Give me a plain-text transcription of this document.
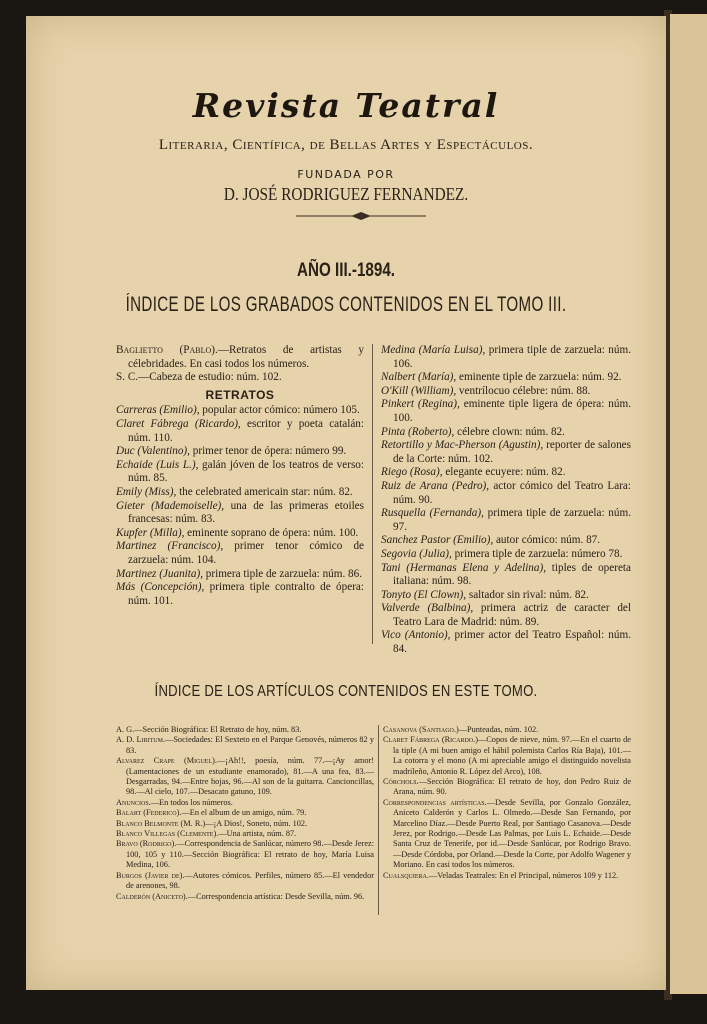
Revista Teatral
Literaria, Científica, de Bellas Artes y Espectáculos.
FUNDADA POR
D. JOSÉ RODRIGUEZ FERNANDEZ.
AÑO III.-1894.
ÍNDICE DE LOS GRABADOS CONTENIDOS EN EL TOMO III.

Baglietto (Pablo).—Retratos de artistas y célebridades. En casi todos los números.

S. C.—Cabeza de estudio: núm. 102.

RETRATOS

Carreras (Emilio), popular actor cómico: número 105.

Claret Fábrega (Ricardo), escritor y poeta catalán: núm. 110.

Duc (Valentino), primer tenor de ópera: número 99.

Echaide (Luis L.), galán jóven de los teatros de verso: núm. 85.

Emily (Miss), the celebrated americain star: núm. 82.

Gieter (Mademoiselle), una de las primeras etoiles francesas: núm. 83.

Kupfer (Milla), eminente soprano de ópera: núm. 100.

Martinez (Francisco), primer tenor cómico de zarzuela: núm. 104.

Martinez (Juanita), primera tiple de zarzuela: núm. 86.

Más (Concepción), primera tiple contralto de ópera: núm. 101.

Medina (María Luisa), primera tiple de zarzuela: núm. 106.

Nalbert (María), eminente tiple de zarzuela: núm. 92.

O'Kill (William), ventrílocuo célebre: núm. 88.

Pinkert (Regina), eminente tiple ligera de ópera: núm. 100.

Pinta (Roberto), célebre clown: núm. 82.

Retortillo y Mac-Pherson (Agustin), reporter de salones de la Corte: núm. 102.

Riego (Rosa), elegante ecuyere: núm. 82.

Ruiz de Arana (Pedro), actor cómico del Teatro Lara: núm. 90.

Rusquella (Fernanda), primera tiple de zarzuela: núm. 97.

Sanchez Pastor (Emilio), autor cómico: núm. 87.

Segovia (Julia), primera tiple de zarzuela: número 78.

Tani (Hermanas Elena y Adelina), tiples de opereta italiana: núm. 98.

Tonyto (El Clown), saltador sin rival: núm. 82.

Valverde (Balbina), primera actriz de caracter del Teatro Lara de Madrid: núm. 89.

Vico (Antonio), primer actor del Teatro Español: núm. 84.

ÍNDICE DE LOS ARTÍCULOS CONTENIDOS EN ESTE TOMO.

A. G.—Sección Biográfica: El Retrato de hoy, núm. 83.

A. D. Liritum.—Sociedades: El Sexteto en el Parque Genovés, números 82 y 83.

Alvarez Crape (Miguel).—¡Ah!!, poesía, núm. 77.—¡Ay amor! (Lamentaciones de un estudiante enamorado), 81.—A una fea, 83.—Desgarradas, 94.—Entre hojas, 96.—Al son de la guitarra. Cancioncillas, 98.—Al cielo, 107.—Desacato gatuno, 109.

Anuncios.—En todos los números.

Balart (Federico).—En el album de un amigo, núm. 79.

Blanco Belmonte (M. R.)—¡A Dios!, Soneto, núm. 102.

Blanco Villegas (Clemente).—Una artista, núm. 87.

Bravo (Rodrigo).—Correspondencia de Sanlúcar, número 98.—Desde Jerez: 100, 105 y 110.—Sección Biográfica: El retrato de hoy, María Luisa Medina, 106.

Burgos (Javier de).—Autores cómicos. Perfiles, número 85.—El vendedor de arenones, 98.

Calderón (Aniceto).—Correspondencia artística: Desde Sevilla, núm. 96.

Casanova (Santiago.)—Punteadas, núm. 102.

Claret Fábrega (Ricardo.)—Copos de nieve, núm. 97.—En el cuarto de la tiple (A mi buen amigo el hábil polemista Carlos Ría Baja), 101.—La cotorra y el mono (A mi apreciable amigo el distinguido novelista madrileño, Antonio R. López del Arco), 108.

Córchols.—Sección Biográfica: El retrato de hoy, don Pedro Ruiz de Arana, núm. 90.

Correspondencias artísticas.—Desde Sevilla, por Gonzalo González, Aniceto Calderón y Carlos L. Olmedo.—Desde San Fernando, por Marcelino Díaz.—Desde Puerto Real, por Santiago Casanova.—Desde Jerez, por Rodrigo.—Desde Las Palmas, por Luis L. Echaide.—Desde Santa Cruz de Tenerife, por id.—Desde Sanlúcar, por Rodrigo Bravo.—Desde Córdoba, por Orland.—Desde la Corte, por Adolfo Wagener y Moriano. En casi todos los números.

Cualsquiera.—Veladas Teatrales: En el Principal, números 109 y 112.
